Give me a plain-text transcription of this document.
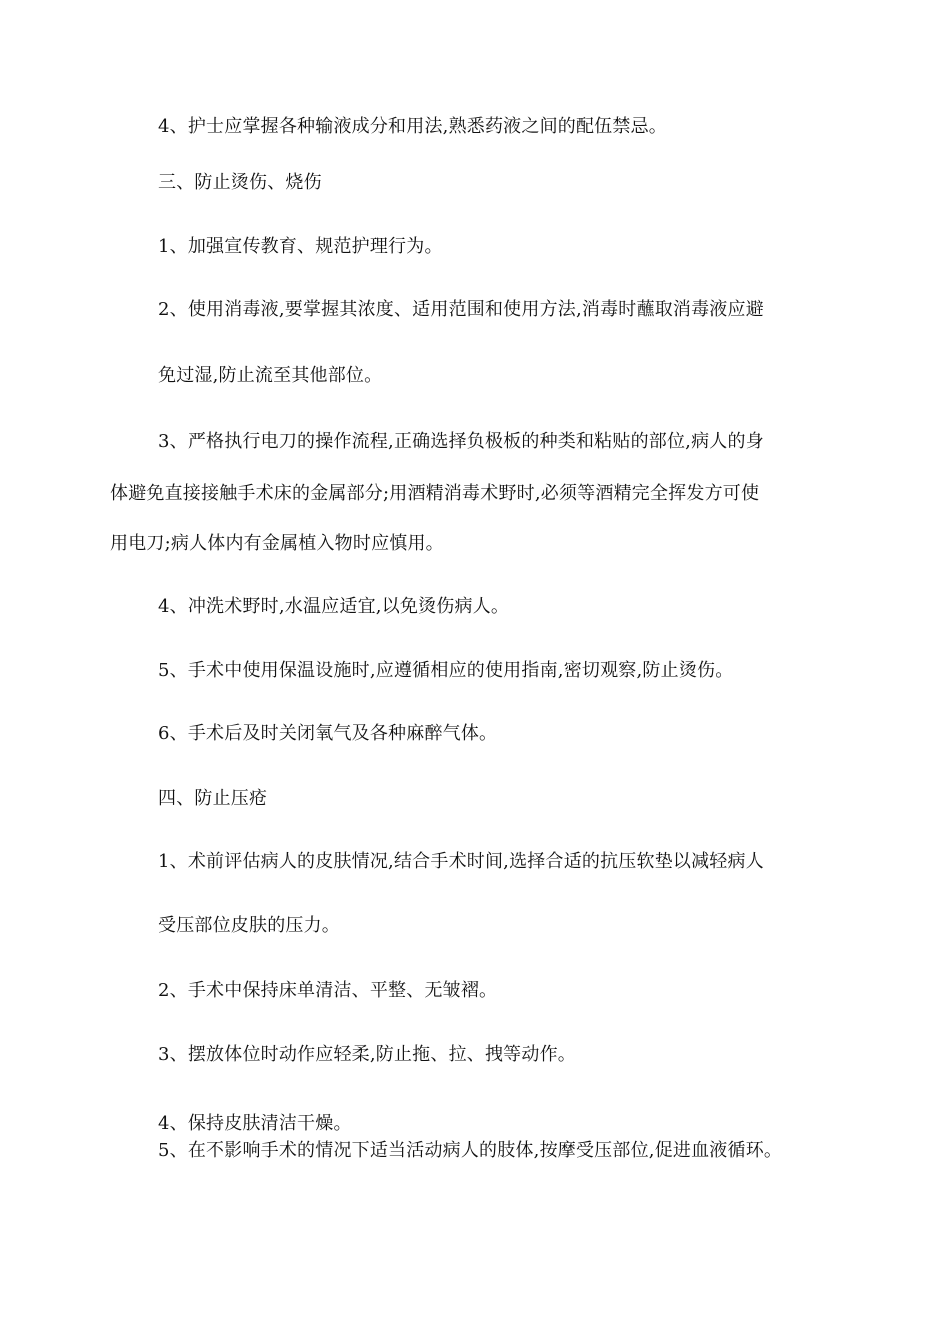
4、护士应掌握各种输液成分和用法,熟悉药液之间的配伍禁忌。
三、防止烫伤、烧伤
1、加强宣传教育、规范护理行为。
2、使用消毒液,要掌握其浓度、适用范围和使用方法,消毒时蘸取消毒液应避
免过湿,防止流至其他部位。
3、严格执行电刀的操作流程,正确选择负极板的种类和粘贴的部位,病人的身
体避免直接接触手术床的金属部分;用酒精消毒术野时,必须等酒精完全挥发方可使
用电刀;病人体内有金属植入物时应慎用。
4、冲洗术野时,水温应适宜,以免烫伤病人。
5、手术中使用保温设施时,应遵循相应的使用指南,密切观察,防止烫伤。
6、手术后及时关闭氧气及各种麻醉气体。
四、防止压疮
1、术前评估病人的皮肤情况,结合手术时间,选择合适的抗压软垫以减轻病人
受压部位皮肤的压力。
2、手术中保持床单清洁、平整、无皱褶。
3、摆放体位时动作应轻柔,防止拖、拉、拽等动作。
4、保持皮肤清洁干燥。
5、在不影响手术的情况下适当活动病人的肢体,按摩受压部位,促进血液循环。
